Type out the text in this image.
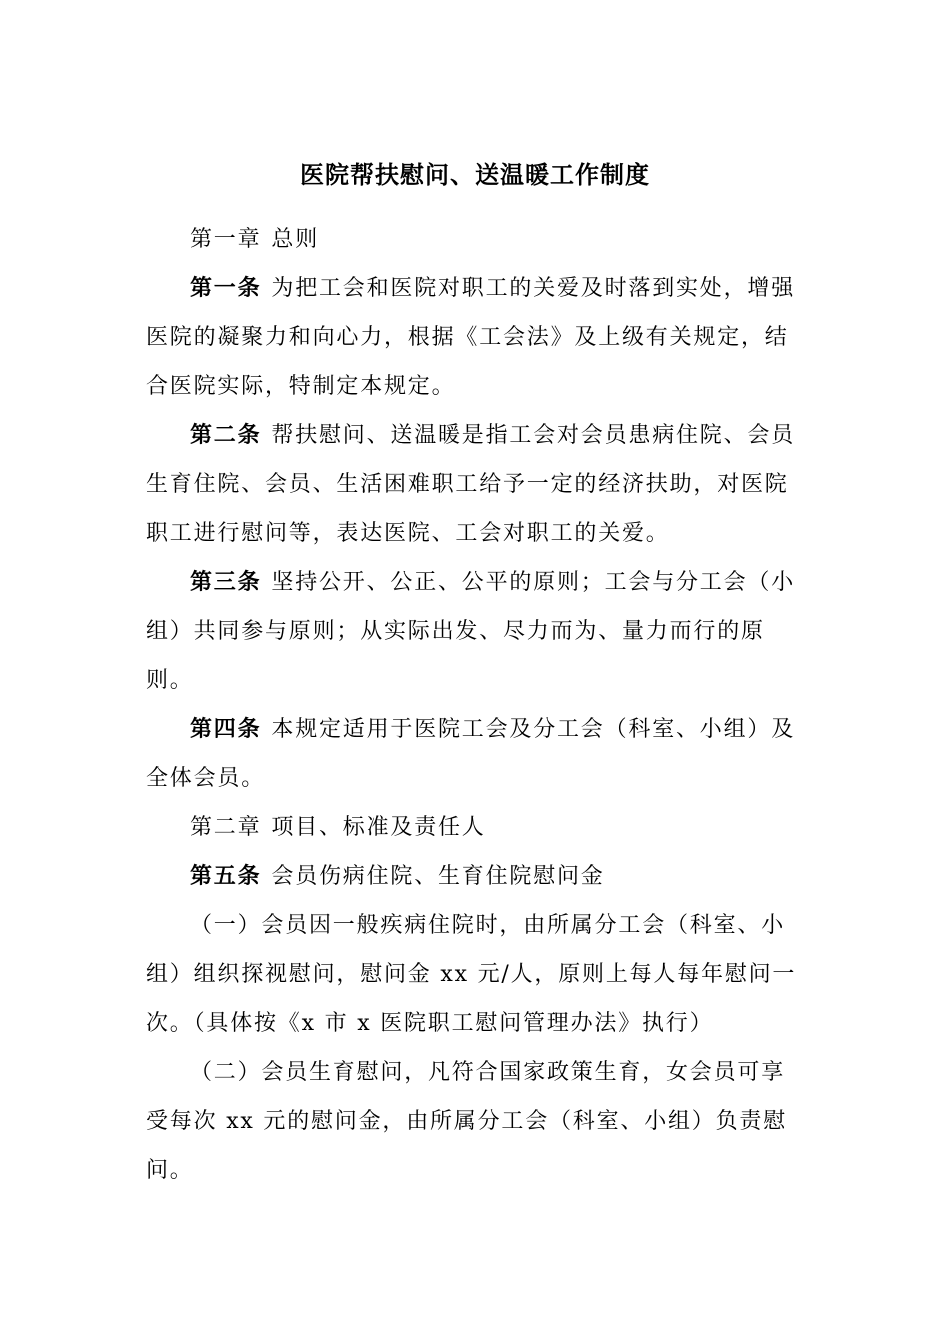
医院帮扶慰问、送温暖工作制度

第一章 总则

第一条 为把工会和医院对职工的关爱及时落到实处，增强医院的凝聚力和向心力，根据《工会法》及上级有关规定，结合医院实际，特制定本规定。

第二条 帮扶慰问、送温暖是指工会对会员患病住院、会员生育住院、会员、生活困难职工给予一定的经济扶助，对医院职工进行慰问等，表达医院、工会对职工的关爱。

第三条 坚持公开、公正、公平的原则；工会与分工会（小组）共同参与原则；从实际出发、尽力而为、量力而行的原则。

第四条 本规定适用于医院工会及分工会（科室、小组）及全体会员。

第二章 项目、标准及责任人

第五条 会员伤病住院、生育住院慰问金

（一）会员因一般疾病住院时，由所属分工会（科室、小组）组织探视慰问，慰问金 xx 元/人，原则上每人每年慰问一次。（具体按《x 市 x 医院职工慰问管理办法》执行）

（二）会员生育慰问，凡符合国家政策生育，女会员可享受每次 xx 元的慰问金，由所属分工会（科室、小组）负责慰问。
